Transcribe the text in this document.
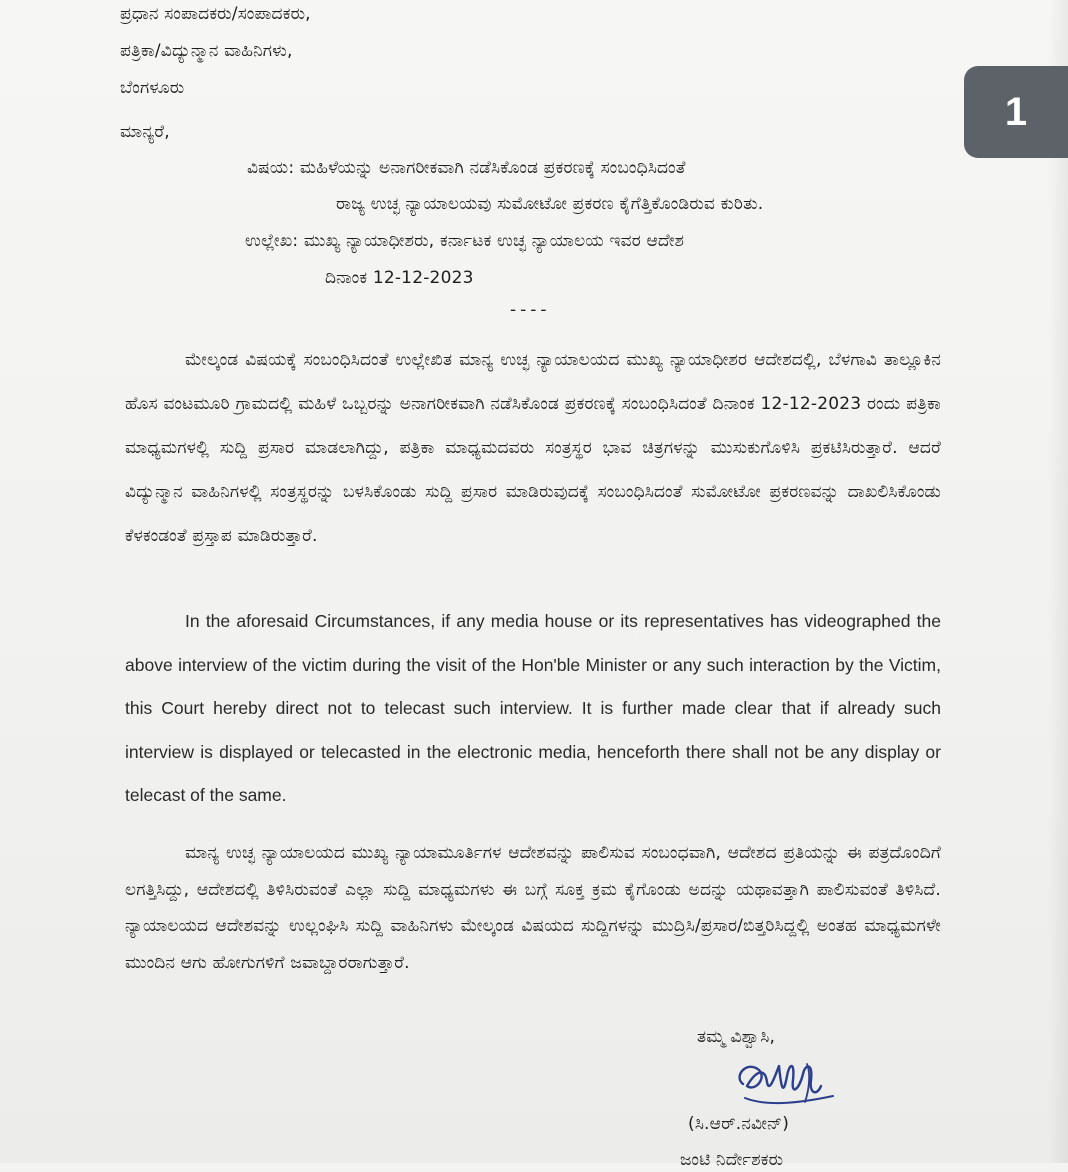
ಪ್ರಧಾನ ಸಂಪಾದಕರು/ಸಂಪಾದಕರು,
ಪತ್ರಿಕಾ/ವಿದ್ಯುನ್ಮಾನ ವಾಹಿನಿಗಳು,
ಬೆಂಗಳೂರು
ಮಾನ್ಯರೆ,
ವಿಷಯ: ಮಹಿಳೆಯನ್ನು ಅನಾಗರೀಕವಾಗಿ ನಡೆಸಿಕೊಂಡ ಪ್ರಕರಣಕ್ಕೆ ಸಂಬಂಧಿಸಿದಂತೆ
ರಾಜ್ಯ ಉಚ್ಛ ನ್ಯಾಯಾಲಯವು ಸುಮೋಟೋ ಪ್ರಕರಣ ಕೈಗೆತ್ತಿಕೊಂಡಿರುವ ಕುರಿತು.
ಉಲ್ಲೇಖ: ಮುಖ್ಯ ನ್ಯಾಯಾಧೀಶರು, ಕರ್ನಾಟಕ ಉಚ್ಛ ನ್ಯಾಯಾಲಯ ಇವರ ಆದೇಶ
ದಿನಾಂಕ 12-12-2023
----
ಮೇಲ್ಕಂಡ ವಿಷಯಕ್ಕೆ ಸಂಬಂಧಿಸಿದಂತೆ ಉಲ್ಲೇಖಿತ ಮಾನ್ಯ ಉಚ್ಛ ನ್ಯಾಯಾಲಯದ ಮುಖ್ಯ ನ್ಯಾಯಾಧೀಶರ ಆದೇಶದಲ್ಲಿ, ಬೆಳಗಾವಿ ತಾಲ್ಲೂಕಿನ ಹೊಸ ವಂಟಮೂರಿ ಗ್ರಾಮದಲ್ಲಿ ಮಹಿಳೆ ಒಬ್ಬರನ್ನು ಅನಾಗರೀಕವಾಗಿ ನಡೆಸಿಕೊಂಡ ಪ್ರಕರಣಕ್ಕೆ ಸಂಬಂಧಿಸಿದಂತೆ ದಿನಾಂಕ 12-12-2023 ರಂದು ಪತ್ರಿಕಾ ಮಾಧ್ಯಮಗಳಲ್ಲಿ ಸುದ್ದಿ ಪ್ರಸಾರ ಮಾಡಲಾಗಿದ್ದು, ಪತ್ರಿಕಾ ಮಾಧ್ಯಮದವರು ಸಂತ್ರಸ್ಥರ ಭಾವ ಚಿತ್ರಗಳನ್ನು ಮುಸುಕುಗೊಳಿಸಿ ಪ್ರಕಟಿಸಿರುತ್ತಾರೆ. ಆದರೆ ವಿದ್ಯುನ್ಮಾನ ವಾಹಿನಿಗಳಲ್ಲಿ ಸಂತ್ರಸ್ಥರನ್ನು ಬಳಸಿಕೊಂಡು ಸುದ್ದಿ ಪ್ರಸಾರ ಮಾಡಿರುವುದಕ್ಕೆ ಸಂಬಂಧಿಸಿದಂತೆ ಸುಮೋಟೋ ಪ್ರಕರಣವನ್ನು ದಾಖಲಿಸಿಕೊಂಡು ಕೆಳಕಂಡಂತೆ ಪ್ರಸ್ತಾಪ ಮಾಡಿರುತ್ತಾರೆ.
In the aforesaid Circumstances, if any media house or its representatives has videographed the above interview of the victim during the visit of the Hon'ble Minister or any such interaction by the Victim, this Court hereby direct not to telecast such interview. It is further made clear that if already such interview is displayed or telecasted in the electronic media, henceforth there shall not be any display or telecast of the same.
ಮಾನ್ಯ ಉಚ್ಛ ನ್ಯಾಯಾಲಯದ ಮುಖ್ಯ ನ್ಯಾಯಾಮೂರ್ತಿಗಳ ಆದೇಶವನ್ನು ಪಾಲಿಸುವ ಸಂಬಂಧವಾಗಿ, ಆದೇಶದ ಪ್ರತಿಯನ್ನು ಈ ಪತ್ರದೊಂದಿಗೆ ಲಗತ್ತಿಸಿದ್ದು, ಆದೇಶದಲ್ಲಿ ತಿಳಿಸಿರುವಂತೆ ಎಲ್ಲಾ ಸುದ್ದಿ ಮಾಧ್ಯಮಗಳು ಈ ಬಗ್ಗೆ ಸೂಕ್ತ ಕ್ರಮ ಕೈಗೊಂಡು ಅದನ್ನು ಯಥಾವತ್ತಾಗಿ ಪಾಲಿಸುವಂತೆ ತಿಳಿಸಿದೆ. ನ್ಯಾಯಾಲಯದ ಆದೇಶವನ್ನು ಉಲ್ಲಂಘಿಸಿ ಸುದ್ದಿ ವಾಹಿನಿಗಳು ಮೇಲ್ಕಂಡ ವಿಷಯದ ಸುದ್ದಿಗಳನ್ನು ಮುದ್ರಿಸಿ/ಪ್ರಸಾರ/ಬಿತ್ತರಿಸಿದ್ದಲ್ಲಿ ಅಂತಹ ಮಾಧ್ಯಮಗಳೇ ಮುಂದಿನ ಆಗು ಹೋಗುಗಳಿಗೆ ಜವಾಬ್ದಾರರಾಗುತ್ತಾರೆ.
ತಮ್ಮ ವಿಶ್ವಾಸಿ,
(ಸಿ.ಆರ್.ನವೀನ್)
ಜಂಟಿ ನಿರ್ದೇಶಕರು
1
